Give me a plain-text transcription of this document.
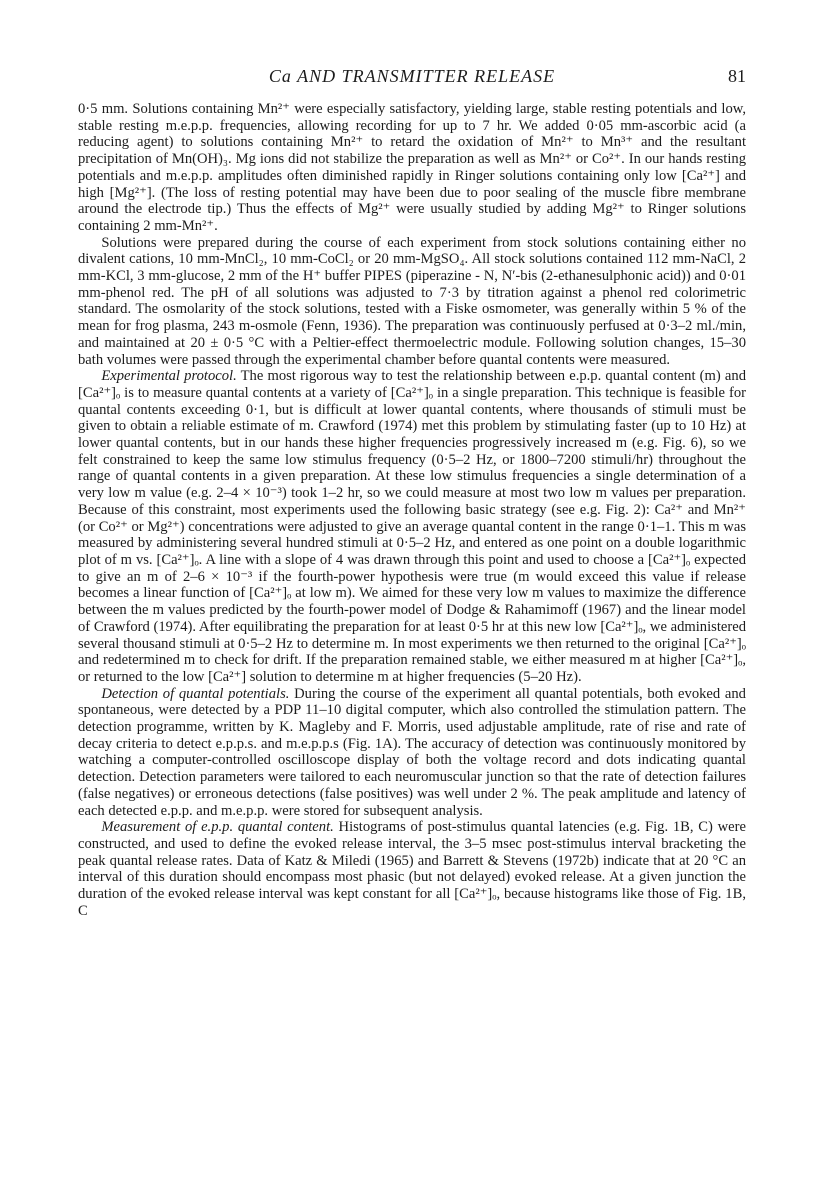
Ca AND TRANSMITTER RELEASE	81

0·5 mm. Solutions containing Mn²⁺ were especially satisfactory, yielding large, stable resting potentials and low, stable resting m.e.p.p. frequencies, allowing recording for up to 7 hr. We added 0·05 mm-ascorbic acid (a reducing agent) to solutions containing Mn²⁺ to retard the oxidation of Mn²⁺ to Mn³⁺ and the resultant precipitation of Mn(OH)₃. Mg ions did not stabilize the preparation as well as Mn²⁺ or Co²⁺. In our hands resting potentials and m.e.p.p. amplitudes often diminished rapidly in Ringer solutions containing only low [Ca²⁺] and high [Mg²⁺]. (The loss of resting potential may have been due to poor sealing of the muscle fibre membrane around the electrode tip.) Thus the effects of Mg²⁺ were usually studied by adding Mg²⁺ to Ringer solutions containing 2 mm-Mn²⁺.

Solutions were prepared during the course of each experiment from stock solutions containing either no divalent cations, 10 mm-MnCl₂, 10 mm-CoCl₂ or 20 mm-MgSO₄. All stock solutions contained 112 mm-NaCl, 2 mm-KCl, 3 mm-glucose, 2 mm of the H⁺ buffer PIPES (piperazine - N, N′-bis (2-ethanesulphonic acid)) and 0·01 mm-phenol red. The pH of all solutions was adjusted to 7·3 by titration against a phenol red colorimetric standard. The osmolarity of the stock solutions, tested with a Fiske osmometer, was generally within 5 % of the mean for frog plasma, 243 m-osmole (Fenn, 1936). The preparation was continuously perfused at 0·3–2 ml./min, and maintained at 20 ± 0·5 °C with a Peltier-effect thermoelectric module. Following solution changes, 15–30 bath volumes were passed through the experimental chamber before quantal contents were measured.

Experimental protocol. The most rigorous way to test the relationship between e.p.p. quantal content (m) and [Ca²⁺]ₒ is to measure quantal contents at a variety of [Ca²⁺]ₒ in a single preparation. This technique is feasible for quantal contents exceeding 0·1, but is difficult at lower quantal contents, where thousands of stimuli must be given to obtain a reliable estimate of m. Crawford (1974) met this problem by stimulating faster (up to 10 Hz) at lower quantal contents, but in our hands these higher frequencies progressively increased m (e.g. Fig. 6), so we felt constrained to keep the same low stimulus frequency (0·5–2 Hz, or 1800–7200 stimuli/hr) throughout the range of quantal contents in a given preparation. At these low stimulus frequencies a single determination of a very low m value (e.g. 2–4 × 10⁻³) took 1–2 hr, so we could measure at most two low m values per preparation. Because of this constraint, most experiments used the following basic strategy (see e.g. Fig. 2): Ca²⁺ and Mn²⁺ (or Co²⁺ or Mg²⁺) concentrations were adjusted to give an average quantal content in the range 0·1–1. This m was measured by administering several hundred stimuli at 0·5–2 Hz, and entered as one point on a double logarithmic plot of m vs. [Ca²⁺]ₒ. A line with a slope of 4 was drawn through this point and used to choose a [Ca²⁺]ₒ expected to give an m of 2–6 × 10⁻³ if the fourth-power hypothesis were true (m would exceed this value if release becomes a linear function of [Ca²⁺]ₒ at low m). We aimed for these very low m values to maximize the difference between the m values predicted by the fourth-power model of Dodge & Rahamimoff (1967) and the linear model of Crawford (1974). After equilibrating the preparation for at least 0·5 hr at this new low [Ca²⁺]ₒ, we administered several thousand stimuli at 0·5–2 Hz to determine m. In most experiments we then returned to the original [Ca²⁺]ₒ and redetermined m to check for drift. If the preparation remained stable, we either measured m at higher [Ca²⁺]ₒ, or returned to the low [Ca²⁺] solution to determine m at higher frequencies (5–20 Hz).

Detection of quantal potentials. During the course of the experiment all quantal potentials, both evoked and spontaneous, were detected by a PDP 11–10 digital computer, which also controlled the stimulation pattern. The detection programme, written by K. Magleby and F. Morris, used adjustable amplitude, rate of rise and rate of decay criteria to detect e.p.p.s. and m.e.p.p.s (Fig. 1A). The accuracy of detection was continuously monitored by watching a computer-controlled oscilloscope display of both the voltage record and dots indicating quantal detection. Detection parameters were tailored to each neuromuscular junction so that the rate of detection failures (false negatives) or erroneous detections (false positives) was well under 2 %. The peak amplitude and latency of each detected e.p.p. and m.e.p.p. were stored for subsequent analysis.

Measurement of e.p.p. quantal content. Histograms of post-stimulus quantal latencies (e.g. Fig. 1B, C) were constructed, and used to define the evoked release interval, the 3–5 msec post-stimulus interval bracketing the peak quantal release rates. Data of Katz & Miledi (1965) and Barrett & Stevens (1972b) indicate that at 20 °C an interval of this duration should encompass most phasic (but not delayed) evoked release. At a given junction the duration of the evoked release interval was kept constant for all [Ca²⁺]ₒ, because histograms like those of Fig. 1B, C
